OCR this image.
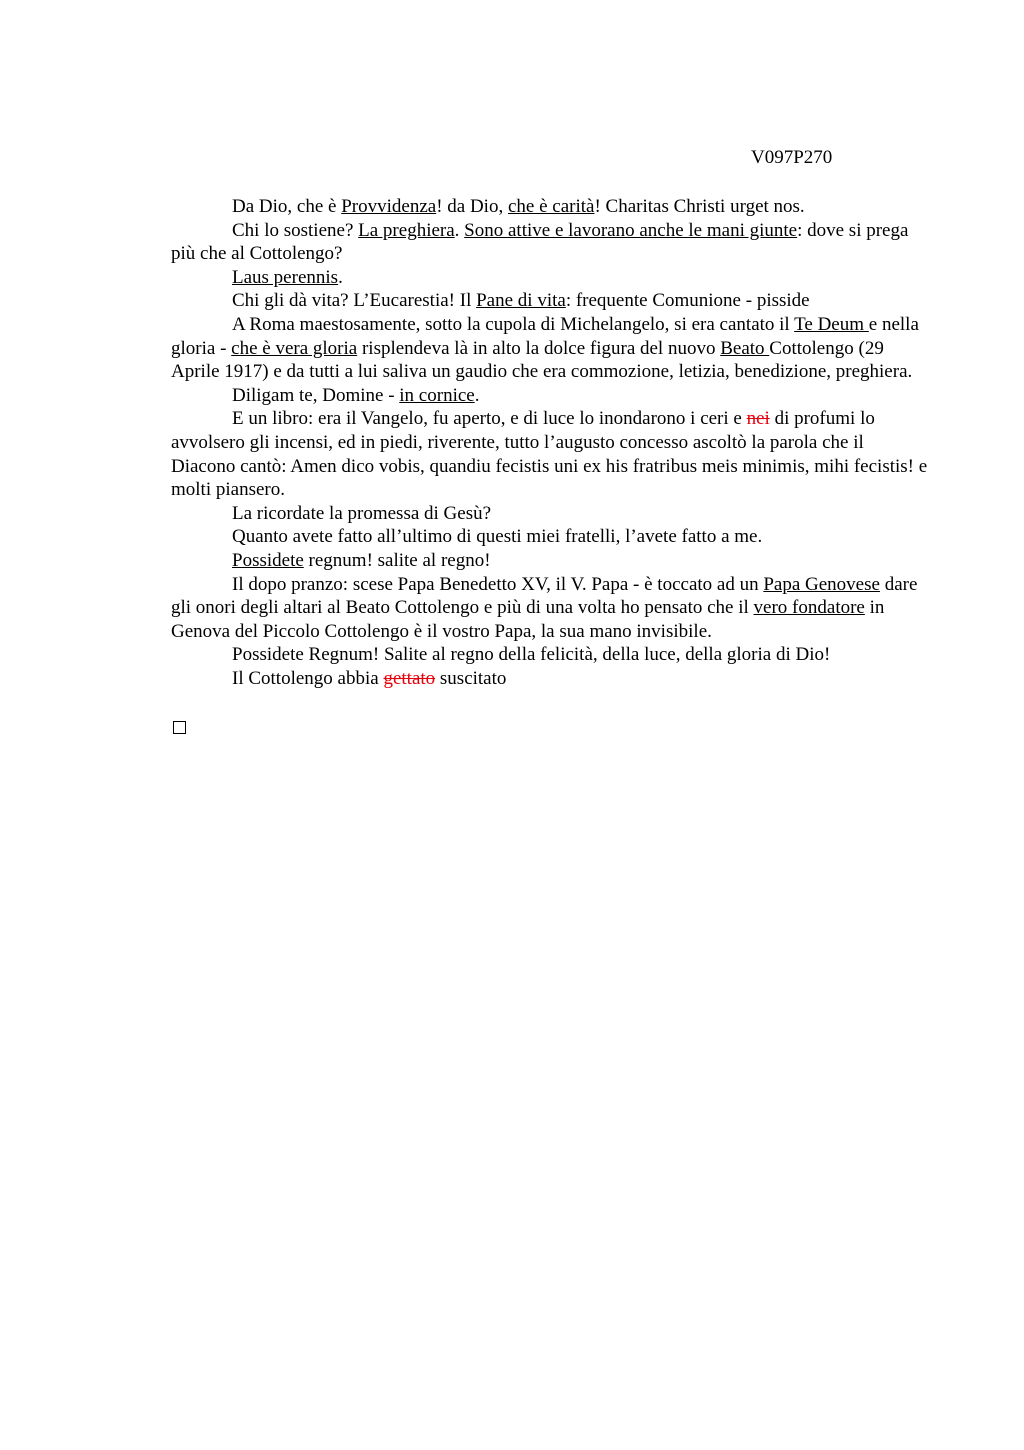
V097P270

Da Dio, che è Provvidenza! da Dio, che è carità! Charitas Christi urget nos.

Chi lo sostiene? La preghiera. Sono attive e lavorano anche le mani giunte: dove si prega più che al Cottolengo?

Laus perennis.

Chi gli dà vita? L’Eucarestia! Il Pane di vita: frequente Comunione - pisside

A Roma maestosamente, sotto la cupola di Michelangelo, si era cantato il Te Deum e nella gloria - che è vera gloria risplendeva là in alto la dolce figura del nuovo Beato Cottolengo (29 Aprile 1917) e da tutti a lui saliva un gaudio che era commozione, letizia, benedizione, preghiera.

Diligam te, Domine - in cornice.

E un libro: era il Vangelo, fu aperto, e di luce lo inondarono i ceri e nei di profumi lo avvolsero gli incensi, ed in piedi, riverente, tutto l’augusto concesso ascoltò la parola che il Diacono cantò: Amen dico vobis, quandiu fecistis uni ex his fratribus meis minimis, mihi fecistis! e molti piansero.

La ricordate la promessa di Gesù?

Quanto avete fatto all’ultimo di questi miei fratelli, l’avete fatto a me.

Possidete regnum! salite al regno!

Il dopo pranzo: scese Papa Benedetto XV, il V. Papa - è toccato ad un Papa Genovese dare gli onori degli altari al Beato Cottolengo e più di una volta ho pensato che il vero fondatore in Genova del Piccolo Cottolengo è il vostro Papa, la sua mano invisibile.

Possidete Regnum! Salite al regno della felicità, della luce, della gloria di Dio!

Il Cottolengo abbia gettato suscitato
